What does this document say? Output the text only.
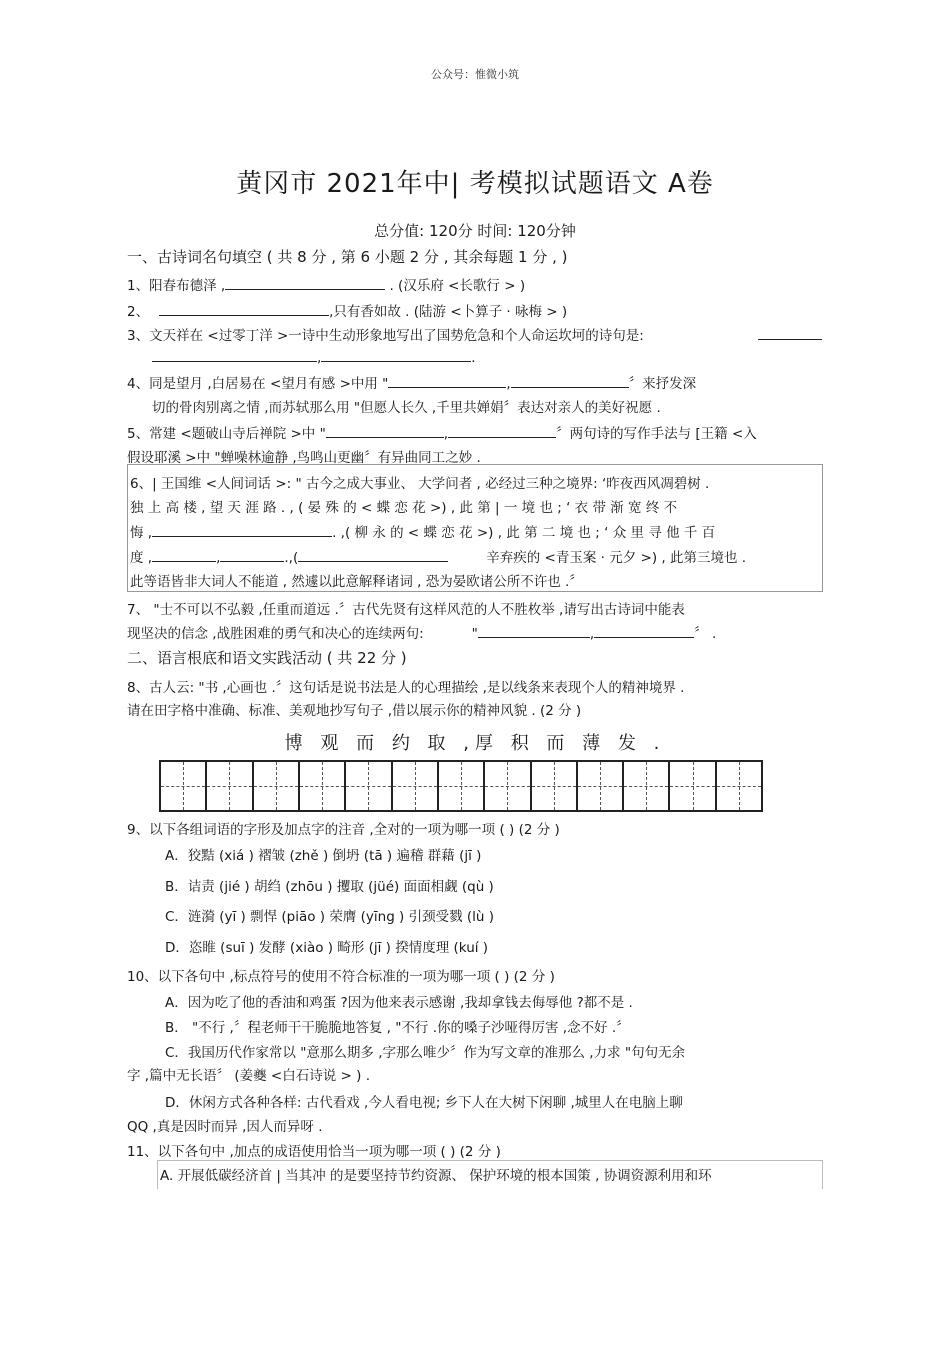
公众号：惟微小筑
黄冈市 2021年中| 考模拟试题语文 A卷
总分值: 120分 时间: 120分钟
一、古诗词名句填空 ( 共 8 分 , 第 6 小题 2 分 , 其余每题 1 分 , )
1、阳春布德泽 ,	. (汉乐府 <长歌行 > )
2、	,只有香如故 . (陆游 <卜算子 · 咏梅 > )
3、文天祥在 <过零丁洋 >一诗中生动形象地写出了国势危急和个人命运坎坷的诗句是:
,	.
4、同是望月 ,白居易在 <望月有感 >中用 "	,	〞来抒发深
切的骨肉别离之情 ,而苏轼那么用 "但愿人长久 ,千里共婵娟〞表达对亲人的美好祝愿 .
5、常建 <题破山寺后禅院 >中 "	,	〞两句诗的写作手法与 [王籍 <入
假设耶溪 >中 "蝉噪林逾静 ,鸟鸣山更幽〞有异曲同工之妙 .
6、| 王国维 <人间词话 >: " 古今之成大事业、 大学问者 , 必经过三种之境界: ‘昨夜西风凋碧树 .
独 上 高 楼 , 望 天 涯 路 . , ( 晏 殊 的 < 蝶 恋 花 >) , 此 第 | 一 境 也 ; ‘ 衣 带 渐 宽 终 不
悔 ,	. ,( 柳 永 的 < 蝶 恋 花 >) , 此 第 二 境 也 ; ‘ 众 里 寻 他 千 百
度 ,	,	.,(	辛弃疾的 <青玉案 · 元夕 >) , 此第三境也 .
此等语皆非大词人不能道 , 然遽以此意解释诸词 , 恐为晏欧诸公所不许也 .〞
7、 "士不可以不弘毅 ,任重而道远 .〞古代先贤有这样风范的人不胜枚举 ,请写出古诗词中能表
现坚决的信念 ,战胜困难的勇气和决心的连续两句:	"	,	〞 .
二、语言根底和语文实践活动 ( 共 22 分 )
8、古人云: "书 ,心画也 .〞这句话是说书法是人的心理描绘 ,是以线条来表现个人的精神境界 .
请在田字格中准确、标准、美观地抄写句子 ,借以展示你的精神风貌 . (2 分 )
博 观 而 约 取 ,厚 积 而 薄 发 .
9、以下各组词语的字形及加点字的注音 ,全对的一项为哪一项 ( ) (2 分 )
A．狡黠 (xiá ) 褶皱 (zhě ) 倒坍 (tā ) 遍稽 群藉 (jī )
B．诘责 (jié ) 胡绉 (zhōu ) 攫取 (jüé) 面面相觑 (qù )
C．涟漪 (yī ) 剽悍 (piāo ) 荣膺 (yīng ) 引颈受戮 (lù )
D．恣睢 (suī ) 发酵 (xiào ) 畸形 (jī ) 揆情度理 (kuí )
10、以下各句中 ,标点符号的使用不符合标准的一项为哪一项 ( ) (2 分 )
A．因为吃了他的香油和鸡蛋 ?因为他来表示感谢 ,我却拿钱去侮辱他 ?都不是 .
B． "不行 ,〞程老师干干脆脆地答复 , "不行 .你的嗓子沙哑得厉害 ,念不好 .〞
C．我国历代作家常以 "意那么期多 ,字那么唯少〞作为写文章的准那么 ,力求 "句句无余
字 ,篇中无长语〞 (姜夔 <白石诗说 > ) .
D．休闲方式各种各样: 古代看戏 ,今人看电视; 乡下人在大树下闲聊 ,城里人在电脑上聊
QQ ,真是因时而异 ,因人而异呀 .
11、以下各句中 ,加点的成语使用恰当一项为哪一项 ( ) (2 分 )
A. 开展低碳经济首 | 当其冲 的是要坚持节约资源、 保护环境的根本国策 , 协调资源利用和环
